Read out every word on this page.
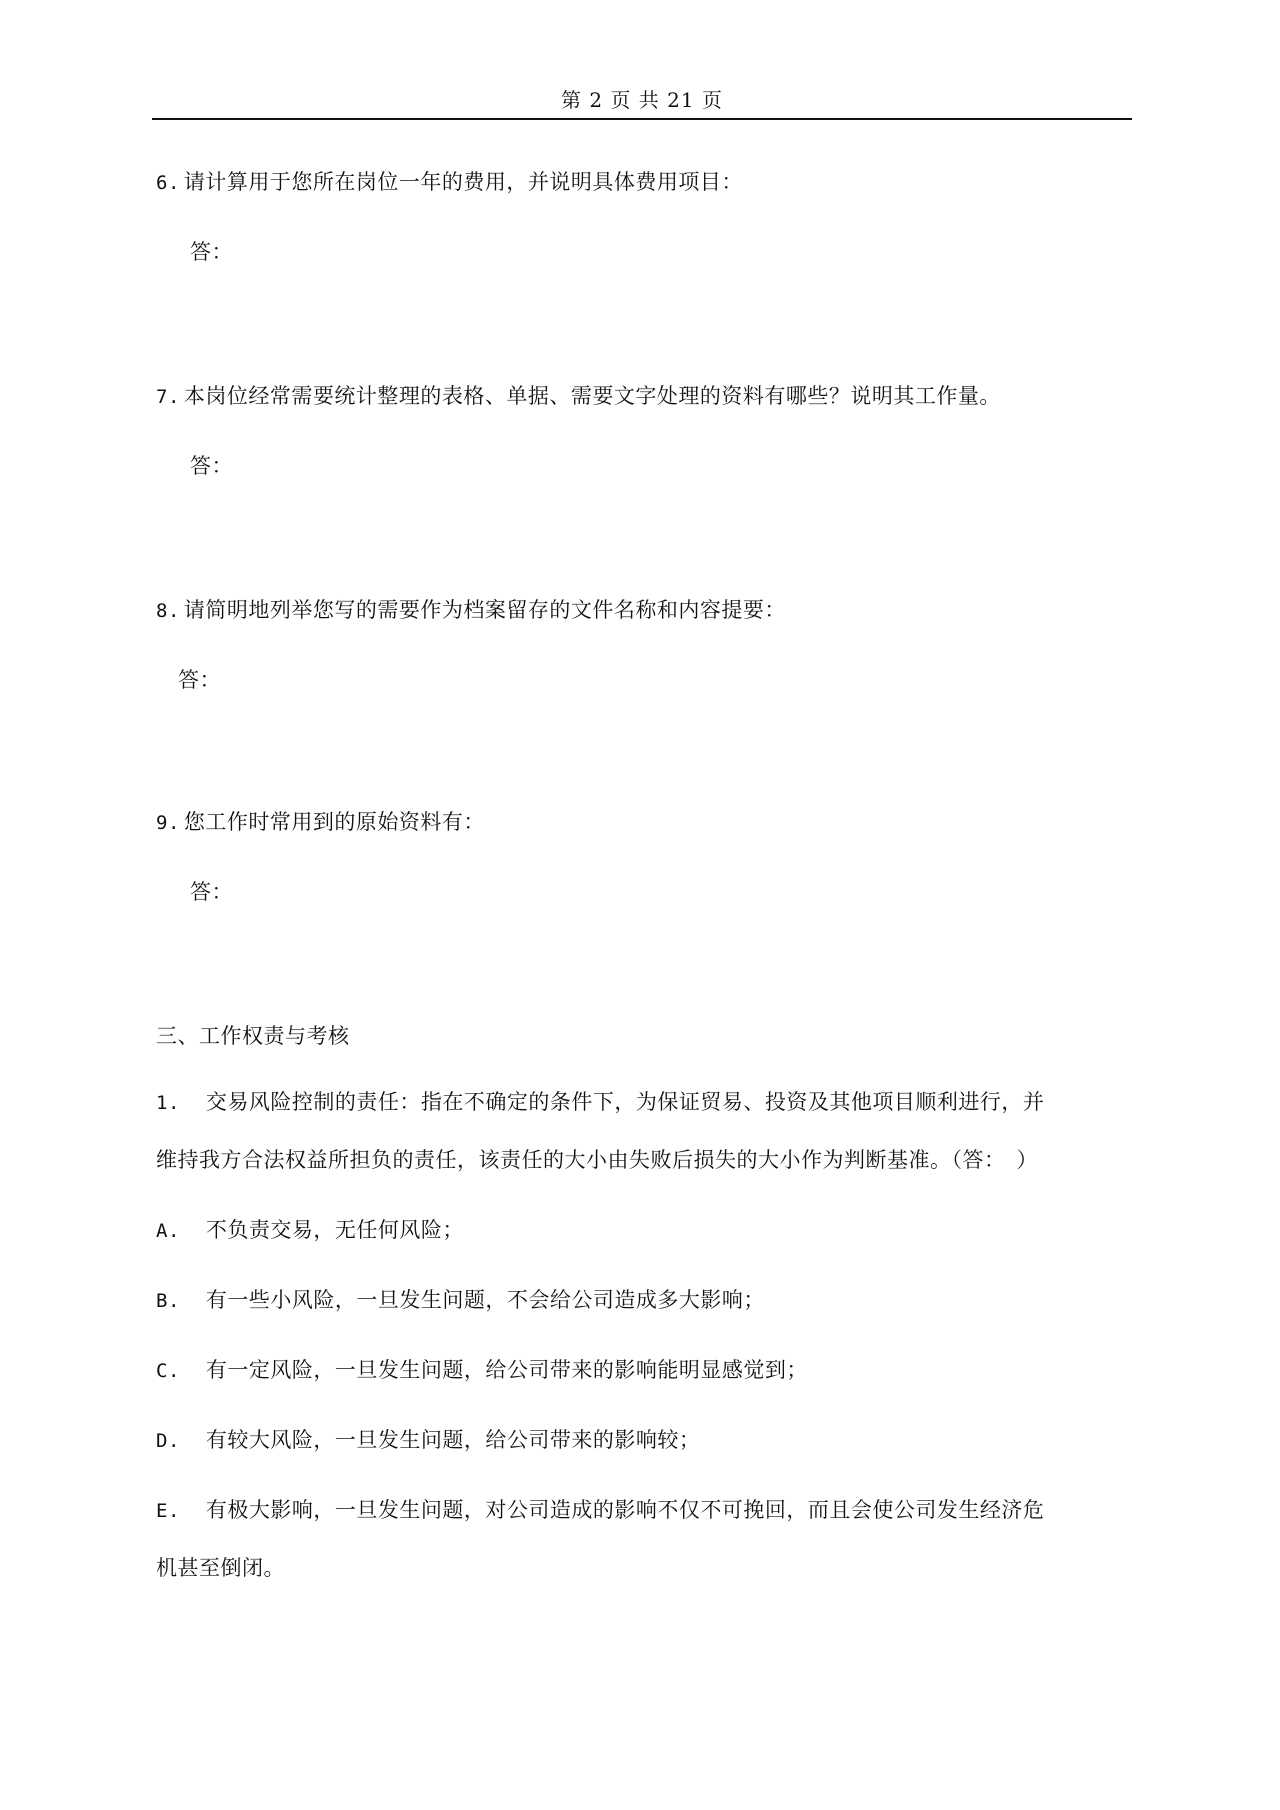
第 2 页 共 21 页
6. 请计算用于您所在岗位一年的费用，并说明具体费用项目：
答：
7. 本岗位经常需要统计整理的表格、单据、需要文字处理的资料有哪些？说明其工作量。
答：
8. 请简明地列举您写的需要作为档案留存的文件名称和内容提要：
答：
9. 您工作时常用到的原始资料有：
答：
三、工作权责与考核
1. 交易风险控制的责任：指在不确定的条件下，为保证贸易、投资及其他项目顺利进行，并
维持我方合法权益所担负的责任，该责任的大小由失败后损失的大小作为判断基准。（答：　）
A. 不负责交易，无任何风险；
B. 有一些小风险，一旦发生问题，不会给公司造成多大影响；
C. 有一定风险，一旦发生问题，给公司带来的影响能明显感觉到；
D. 有较大风险，一旦发生问题，给公司带来的影响较；
E. 有极大影响，一旦发生问题，对公司造成的影响不仅不可挽回，而且会使公司发生经济危
机甚至倒闭。
